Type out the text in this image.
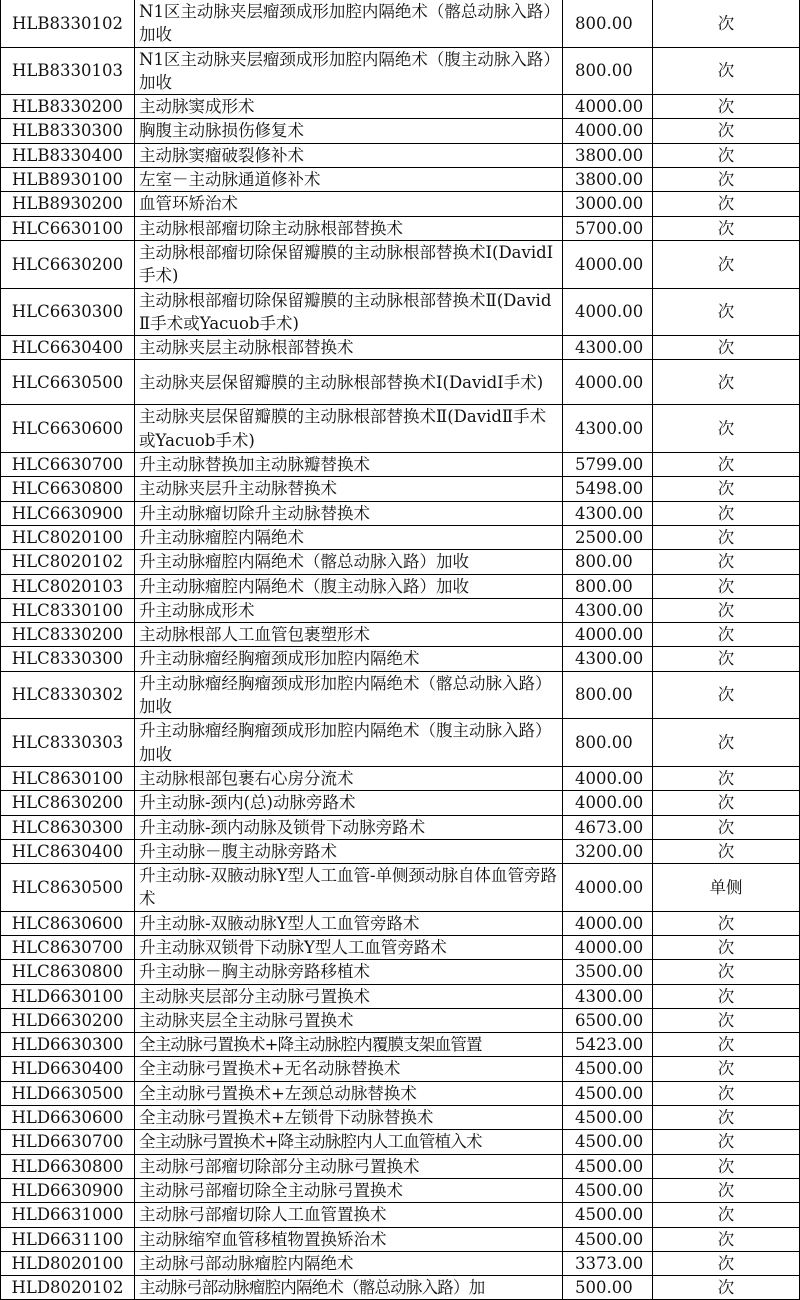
HLB8330102	N1区主动脉夹层瘤颈成形加腔内隔绝术（髂总动脉入路）加收	800.00	次
HLB8330103	N1区主动脉夹层瘤颈成形加腔内隔绝术（腹主动脉入路）加收	800.00	次
HLB8330200	主动脉窦成形术	4000.00	次
HLB8330300	胸腹主动脉损伤修复术	4000.00	次
HLB8330400	主动脉窦瘤破裂修补术	3800.00	次
HLB8930100	左室－主动脉通道修补术	3800.00	次
HLB8930200	血管环矫治术	3000.00	次
HLC6630100	主动脉根部瘤切除主动脉根部替换术	5700.00	次
HLC6630200	主动脉根部瘤切除保留瓣膜的主动脉根部替换术Ⅰ(DavidⅠ手术)	4000.00	次
HLC6630300	主动脉根部瘤切除保留瓣膜的主动脉根部替换术Ⅱ(DavidⅡ手术或Yacuob手术)	4000.00	次
HLC6630400	主动脉夹层主动脉根部替换术	4300.00	次
HLC6630500	主动脉夹层保留瓣膜的主动脉根部替换术Ⅰ(DavidⅠ手术)	4000.00	次
HLC6630600	主动脉夹层保留瓣膜的主动脉根部替换术Ⅱ(DavidⅡ手术或Yacuob手术)	4300.00	次
HLC6630700	升主动脉替换加主动脉瓣替换术	5799.00	次
HLC6630800	主动脉夹层升主动脉替换术	5498.00	次
HLC6630900	升主动脉瘤切除升主动脉替换术	4300.00	次
HLC8020100	升主动脉瘤腔内隔绝术	2500.00	次
HLC8020102	升主动脉瘤腔内隔绝术（髂总动脉入路）加收	800.00	次
HLC8020103	升主动脉瘤腔内隔绝术（腹主动脉入路）加收	800.00	次
HLC8330100	升主动脉成形术	4300.00	次
HLC8330200	主动脉根部人工血管包裹塑形术	4000.00	次
HLC8330300	升主动脉瘤经胸瘤颈成形加腔内隔绝术	4300.00	次
HLC8330302	升主动脉瘤经胸瘤颈成形加腔内隔绝术（髂总动脉入路）加收	800.00	次
HLC8330303	升主动脉瘤经胸瘤颈成形加腔内隔绝术（腹主动脉入路）加收	800.00	次
HLC8630100	主动脉根部包裹右心房分流术	4000.00	次
HLC8630200	升主动脉-颈内(总)动脉旁路术	4000.00	次
HLC8630300	升主动脉-颈内动脉及锁骨下动脉旁路术	4673.00	次
HLC8630400	升主动脉－腹主动脉旁路术	3200.00	次
HLC8630500	升主动脉-双腋动脉Y型人工血管-单侧颈动脉自体血管旁路术	4000.00	单侧
HLC8630600	升主动脉-双腋动脉Y型人工血管旁路术	4000.00	次
HLC8630700	升主动脉双锁骨下动脉Y型人工血管旁路术	4000.00	次
HLC8630800	升主动脉－胸主动脉旁路移植术	3500.00	次
HLD6630100	主动脉夹层部分主动脉弓置换术	4300.00	次
HLD6630200	主动脉夹层全主动脉弓置换术	6500.00	次
HLD6630300	全主动脉弓置换术+降主动脉腔内覆膜支架血管置	5423.00	次
HLD6630400	全主动脉弓置换术+无名动脉替换术	4500.00	次
HLD6630500	全主动脉弓置换术+左颈总动脉替换术	4500.00	次
HLD6630600	全主动脉弓置换术+左锁骨下动脉替换术	4500.00	次
HLD6630700	全主动脉弓置换术+降主动脉腔内人工血管植入术	4500.00	次
HLD6630800	主动脉弓部瘤切除部分主动脉弓置换术	4500.00	次
HLD6630900	主动脉弓部瘤切除全主动脉弓置换术	4500.00	次
HLD6631000	主动脉弓部瘤切除人工血管置换术	4500.00	次
HLD6631100	主动脉缩窄血管移植物置换矫治术	4500.00	次
HLD8020100	主动脉弓部动脉瘤腔内隔绝术	3373.00	次
HLD8020102	主动脉弓部动脉瘤腔内隔绝术（髂总动脉入路）加	500.00	次
